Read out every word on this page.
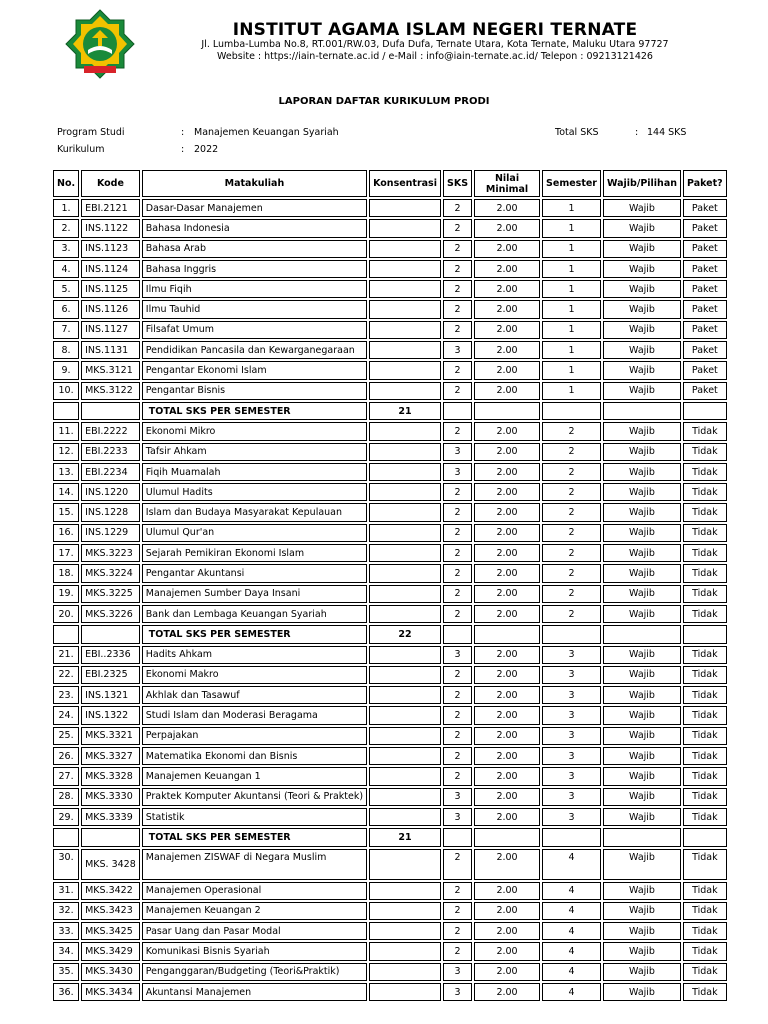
INSTITUT AGAMA ISLAM NEGERI TERNATE
Jl. Lumba-Lumba No.8, RT.001/RW.03, Dufa Dufa, Ternate Utara, Kota Ternate, Maluku Utara 97727
Website : https://iain-ternate.ac.id / e-Mail : info@iain-ternate.ac.id/ Telepon : 09213121426
LAPORAN DAFTAR KURIKULUM PRODI
Program Studi	: Manajemen Keuangan Syariah
Kurikulum	: 2022
Total SKS	: 144 SKS
No.	Kode	Matakuliah	Konsentrasi	SKS	Nilai Minimal	Semester	Wajib/Pilihan	Paket?
1.	EBI.2121	Dasar-Dasar Manajemen		2	2.00	1	Wajib	Paket
2.	INS.1122	Bahasa Indonesia		2	2.00	1	Wajib	Paket
3.	INS.1123	Bahasa Arab		2	2.00	1	Wajib	Paket
4.	INS.1124	Bahasa Inggris		2	2.00	1	Wajib	Paket
5.	INS.1125	Ilmu Fiqih		2	2.00	1	Wajib	Paket
6.	INS.1126	Ilmu Tauhid		2	2.00	1	Wajib	Paket
7.	INS.1127	Filsafat Umum		2	2.00	1	Wajib	Paket
8.	INS.1131	Pendidikan Pancasila dan Kewarganegaraan		3	2.00	1	Wajib	Paket
9.	MKS.3121	Pengantar Ekonomi Islam		2	2.00	1	Wajib	Paket
10.	MKS.3122	Pengantar Bisnis		2	2.00	1	Wajib	Paket
		TOTAL SKS PER SEMESTER	21					
11.	EBI.2222	Ekonomi Mikro		2	2.00	2	Wajib	Tidak
12.	EBI.2233	Tafsir Ahkam		3	2.00	2	Wajib	Tidak
13.	EBI.2234	Fiqih Muamalah		3	2.00	2	Wajib	Tidak
14.	INS.1220	Ulumul Hadits		2	2.00	2	Wajib	Tidak
15.	INS.1228	Islam dan Budaya Masyarakat Kepulauan		2	2.00	2	Wajib	Tidak
16.	INS.1229	Ulumul Qur'an		2	2.00	2	Wajib	Tidak
17.	MKS.3223	Sejarah Pemikiran Ekonomi Islam		2	2.00	2	Wajib	Tidak
18.	MKS.3224	Pengantar Akuntansi		2	2.00	2	Wajib	Tidak
19.	MKS.3225	Manajemen Sumber Daya Insani		2	2.00	2	Wajib	Tidak
20.	MKS.3226	Bank dan Lembaga Keuangan Syariah		2	2.00	2	Wajib	Tidak
		TOTAL SKS PER SEMESTER	22					
21.	EBI..2336	Hadits Ahkam		3	2.00	3	Wajib	Tidak
22.	EBI.2325	Ekonomi Makro		2	2.00	3	Wajib	Tidak
23.	INS.1321	Akhlak dan Tasawuf		2	2.00	3	Wajib	Tidak
24.	INS.1322	Studi Islam dan Moderasi Beragama		2	2.00	3	Wajib	Tidak
25.	MKS.3321	Perpajakan		2	2.00	3	Wajib	Tidak
26.	MKS.3327	Matematika Ekonomi dan Bisnis		2	2.00	3	Wajib	Tidak
27.	MKS.3328	Manajemen Keuangan 1		2	2.00	3	Wajib	Tidak
28.	MKS.3330	Praktek Komputer Akuntansi (Teori & Praktek)		3	2.00	3	Wajib	Tidak
29.	MKS.3339	Statistik		3	2.00	3	Wajib	Tidak
		TOTAL SKS PER SEMESTER	21					
30.	MKS. 3428	Manajemen ZISWAF di Negara Muslim		2	2.00	4	Wajib	Tidak
31.	MKS.3422	Manajemen Operasional		2	2.00	4	Wajib	Tidak
32.	MKS.3423	Manajemen Keuangan 2		2	2.00	4	Wajib	Tidak
33.	MKS.3425	Pasar Uang dan Pasar Modal		2	2.00	4	Wajib	Tidak
34.	MKS.3429	Komunikasi Bisnis Syariah		2	2.00	4	Wajib	Tidak
35.	MKS.3430	Penganggaran/Budgeting (Teori&Praktik)		3	2.00	4	Wajib	Tidak
36.	MKS.3434	Akuntansi Manajemen		3	2.00	4	Wajib	Tidak
